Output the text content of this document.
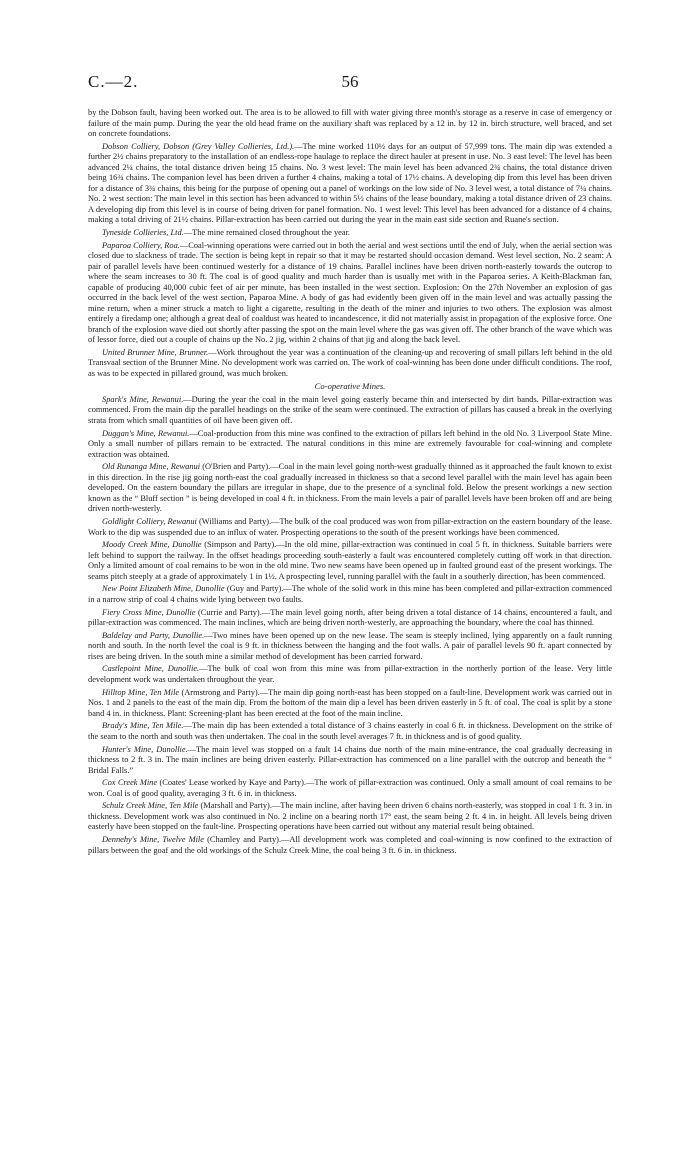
56
C.—2.

by the Dobson fault, having been worked out. The area is to be allowed to fill with water giving three month's storage as a reserve in case of emergency or failure of the main pump. During the year the old head frame on the auxiliary shaft was replaced by a 12 in. by 12 in. birch structure, well braced, and set on concrete foundations.

Dobson Colliery, Dobson (Grey Valley Collieries, Ltd.).—The mine worked 110½ days for an output of 57,999 tons. The main dip was extended a further 2½ chains preparatory to the installation of an endless-rope haulage to replace the direct hauler at present in use. No. 3 east level: The level has been advanced 2¼ chains, the total distance driven being 15 chains. No. 3 west level: The main level has been advanced 2¾ chains, the total distance driven being 16¾ chains. The companion level has been driven a further 4 chains, making a total of 17½ chains. A developing dip from this level has been driven for a distance of 3¾ chains, this being for the purpose of opening out a panel of workings on the low side of No. 3 level west, a total distance of 7¼ chains. No. 2 west section: The main level in this section has been advanced to within 5½ chains of the lease boundary, making a total distance driven of 23 chains. A developing dip from this level is in course of being driven for panel formation. No. 1 west level: This level has been advanced for a distance of 4 chains, making a total driving of 21½ chains. Pillar-extraction has been carried out during the year in the main east side section and Ruane's section.

Tyneside Collieries, Ltd.—The mine remained closed throughout the year.

Paparoa Colliery, Roa.—Coal-winning operations were carried out in both the aerial and west sections until the end of July, when the aerial section was closed due to slackness of trade. The section is being kept in repair so that it may be restarted should occasion demand. West level section, No. 2 seam: A pair of parallel levels have been continued westerly for a distance of 19 chains. Parallel inclines have been driven north-easterly towards the outcrop to where the seam increases to 30 ft. The coal is of good quality and much harder than is usually met with in the Paparoa series. A Keith-Blackman fan, capable of producing 40,000 cubic feet of air per minute, has been installed in the west section. Explosion: On the 27th November an explosion of gas occurred in the back level of the west section, Paparoa Mine. A body of gas had evidently been given off in the main level and was actually passing the mine return, when a miner struck a match to light a cigarette, resulting in the death of the miner and injuries to two others. The explosion was almost entirely a firedamp one; although a great deal of coaldust was heated to incandescence, it did not materially assist in propagation of the explosive force. One branch of the explosion wave died out shortly after passing the spot on the main level where the gas was given off. The other branch of the wave which was of lessor force, died out a couple of chains up the No. 2 jig, within 2 chains of that jig and along the back level.

United Brunner Mine, Brunner.—Work throughout the year was a continuation of the cleaning-up and recovering of small pillars left behind in the old Transvaal section of the Brunner Mine. No development work was carried on. The work of coal-winning has been done under difficult conditions. The roof, as was to be expected in pillared ground, was much broken.

Co-operative Mines.

Spark's Mine, Rewanui.—During the year the coal in the main level going easterly became thin and intersected by dirt bands. Pillar-extraction was commenced. From the main dip the parallel headings on the strike of the seam were continued. The extraction of pillars has caused a break in the overlying strata from which small quantities of oil have been given off.

Duggan's Mine, Rewanui.—Coal-production from this mine was confined to the extraction of pillars left behind in the old No. 3 Liverpool State Mine. Only a small number of pillars remain to be extracted. The natural conditions in this mine are extremely favourable for coal-winning and complete extraction was obtained.

Old Runanga Mine, Rewanui (O'Brien and Party).—Coal in the main level going north-west gradually thinned as it approached the fault known to exist in this direction. In the rise jig going north-east the coal gradually increased in thickness so that a second level parallel with the main level has again been developed. On the eastern boundary the pillars are irregular in shape, due to the presence of a synclinal fold. Below the present workings a new section known as the “ Bluff section ” is being developed in coal 4 ft. in thickness. From the main levels a pair of parallel levels have been broken off and are being driven north-westerly.

Goldlight Colliery, Rewanui (Williams and Party).—The bulk of the coal produced was won from pillar-extraction on the eastern boundary of the lease. Work to the dip was suspended due to an influx of water. Prospecting operations to the south of the present workings have been commenced.

Moody Creek Mine, Dunollie (Simpson and Party).—In the old mine, pillar-extraction was continued in coal 5 ft. in thickness. Suitable barriers were left behind to support the railway. In the offset headings proceeding south-easterly a fault was encountered completely cutting off work in that direction. Only a limited amount of coal remains to be won in the old mine. Two new seams have been opened up in faulted ground east of the present workings. The seams pitch steeply at a grade of approximately 1 in 1½. A prospecting level, running parallel with the fault in a southerly direction, has been commenced.

New Point Elizabeth Mine, Dunollie (Guy and Party).—The whole of the solid work in this mine has been completed and pillar-extraction commenced in a narrow strip of coal 4 chains wide lying between two faults.

Fiery Cross Mine, Dunollie (Currie and Party).—The main level going north, after being driven a total distance of 14 chains, encountered a fault, and pillar-extraction was commenced. The main inclines, which are being driven north-westerly, are approaching the boundary, where the coal has thinned.

Baldelay and Party, Dunollie.—Two mines have been opened up on the new lease. The seam is steeply inclined, lying apparently on a fault running north and south. In the north level the coal is 9 ft. in thickness between the hanging and the foot walls. A pair of parallel levels 90 ft. apart connected by rises are being driven. In the south mine a similar method of development has been carried forward.

Castlepoint Mine, Dunollie.—The bulk of coal won from this mine was from pillar-extraction in the northerly portion of the lease. Very little development work was undertaken throughout the year.

Hilltop Mine, Ten Mile (Armstrong and Party).—The main dip going north-east has been stopped on a fault-line. Development work was carried out in Nos. 1 and 2 panels to the east of the main dip. From the bottom of the main dip a level has been driven easterly in 5 ft. of coal. The coal is split by a stone band 4 in. in thickness. Plant: Screening-plant has been erected at the foot of the main incline.

Brady's Mine, Ten Mile.—The main dip has been extended a total distance of 3 chains easterly in coal 6 ft. in thickness. Development on the strike of the seam to the north and south was then undertaken. The coal in the south level averages 7 ft. in thickness and is of good quality.

Hunter's Mine, Dunollie.—The main level was stopped on a fault 14 chains due north of the main mine-entrance, the coal gradually decreasing in thickness to 2 ft. 3 in. The main inclines are being driven easterly. Pillar-extraction has commenced on a line parallel with the outcrop and beneath the “ Bridal Falls.”

Cox Creek Mine (Coates' Lease worked by Kaye and Party).—The work of pillar-extraction was continued. Only a small amount of coal remains to be won. Coal is of good quality, averaging 3 ft. 6 in. in thickness.

Schulz Creek Mine, Ten Mile (Marshall and Party).—The main incline, after having been driven 6 chains north-easterly, was stopped in coal 1 ft. 3 in. in thickness. Development work was also continued in No. 2 incline on a bearing north 17° east, the seam being 2 ft. 4 in. in height. All levels being driven easterly have been stopped on the fault-line. Prospecting operations have been carried out without any material result being obtained.

Dennehy's Mine, Twelve Mile (Chamley and Party).—All development work was completed and coal-winning is now confined to the extraction of pillars between the goaf and the old workings of the Schulz Creek Mine, the coal being 3 ft. 6 in. in thickness.
